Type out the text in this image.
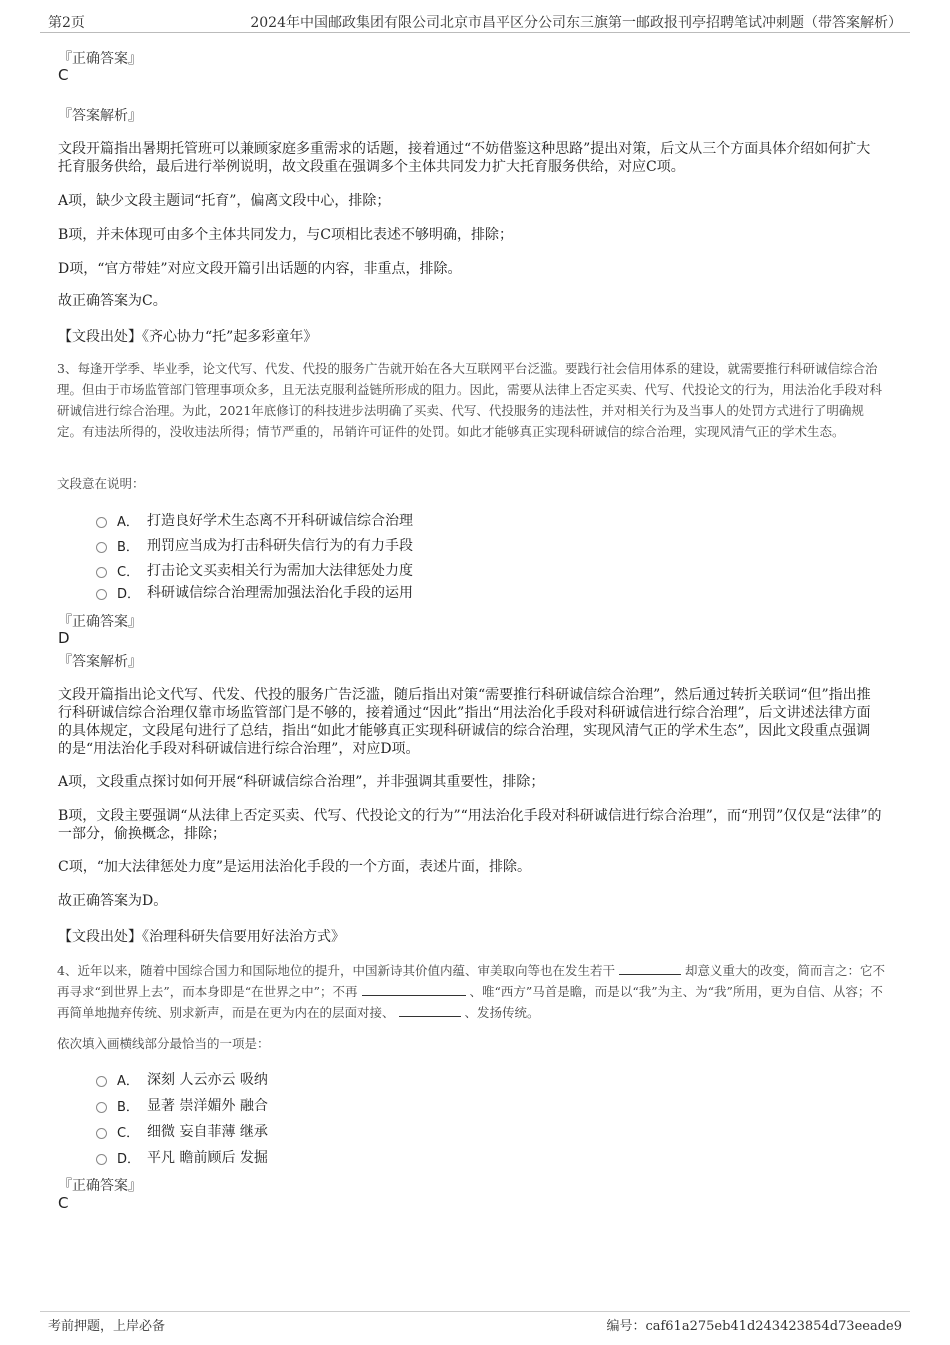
第2页	2024年中国邮政集团有限公司北京市昌平区分公司东三旗第一邮政报刊亭招聘笔试冲刺题（带答案解析）
『正确答案』
C
『答案解析』
文段开篇指出暑期托管班可以兼顾家庭多重需求的话题，接着通过“不妨借鉴这种思路”提出对策，后文从三个方面具体介绍如何扩大托育服务供给，最后进行举例说明，故文段重在强调多个主体共同发力扩大托育服务供给，对应C项。
A项，缺少文段主题词“托育”，偏离文段中心，排除；
B项，并未体现可由多个主体共同发力，与C项相比表述不够明确，排除；
D项，“官方带娃”对应文段开篇引出话题的内容，非重点，排除。
故正确答案为C。
【文段出处】《齐心协力“托”起多彩童年》
3、每逢开学季、毕业季，论文代写、代发、代投的服务广告就开始在各大互联网平台泛滥。要践行社会信用体系的建设，就需要推行科研诚信综合治理。但由于市场监管部门管理事项众多，且无法克服利益链所形成的阻力。因此，需要从法律上否定买卖、代写、代投论文的行为，用法治化手段对科研诚信进行综合治理。为此，2021年底修订的科技进步法明确了买卖、代写、代投服务的违法性，并对相关行为及当事人的处罚方式进行了明确规定。有违法所得的，没收违法所得；情节严重的，吊销许可证件的处罚。如此才能够真正实现科研诚信的综合治理，实现风清气正的学术生态。
文段意在说明：
A． 打造良好学术生态离不开科研诚信综合治理
B． 刑罚应当成为打击科研失信行为的有力手段
C． 打击论文买卖相关行为需加大法律惩处力度
D． 科研诚信综合治理需加强法治化手段的运用
『正确答案』
D
『答案解析』
文段开篇指出论文代写、代发、代投的服务广告泛滥，随后指出对策“需要推行科研诚信综合治理”，然后通过转折关联词“但”指出推行科研诚信综合治理仅靠市场监管部门是不够的，接着通过“因此”指出“用法治化手段对科研诚信进行综合治理”，后文讲述法律方面的具体规定，文段尾句进行了总结，指出“如此才能够真正实现科研诚信的综合治理，实现风清气正的学术生态”，因此文段重点强调的是“用法治化手段对科研诚信进行综合治理”，对应D项。
A项，文段重点探讨如何开展“科研诚信综合治理”，并非强调其重要性，排除；
B项，文段主要强调“从法律上否定买卖、代写、代投论文的行为”“用法治化手段对科研诚信进行综合治理”，而“刑罚”仅仅是“法律”的一部分，偷换概念，排除；
C项，“加大法律惩处力度”是运用法治化手段的一个方面，表述片面，排除。
故正确答案为D。
【文段出处】《治理科研失信要用好法治方式》
4、近年以来，随着中国综合国力和国际地位的提升，中国新诗其价值内蕴、审美取向等也在发生若干	却意义重大的改变，简而言之：它不再寻求“到世界上去”，而本身即是“在世界之中”；不再	、唯“西方”马首是瞻，而是以“我”为主、为“我”所用，更为自信、从容；不再简单地抛弃传统、别求新声，而是在更为内在的层面对接、	、发扬传统。
依次填入画横线部分最恰当的一项是：
A． 深刻 人云亦云 吸纳
B． 显著 崇洋媚外 融合
C． 细微 妄自菲薄 继承
D． 平凡 瞻前顾后 发掘
『正确答案』
C
考前押题，上岸必备	编号：caf61a275eb41d243423854d73eeade9
